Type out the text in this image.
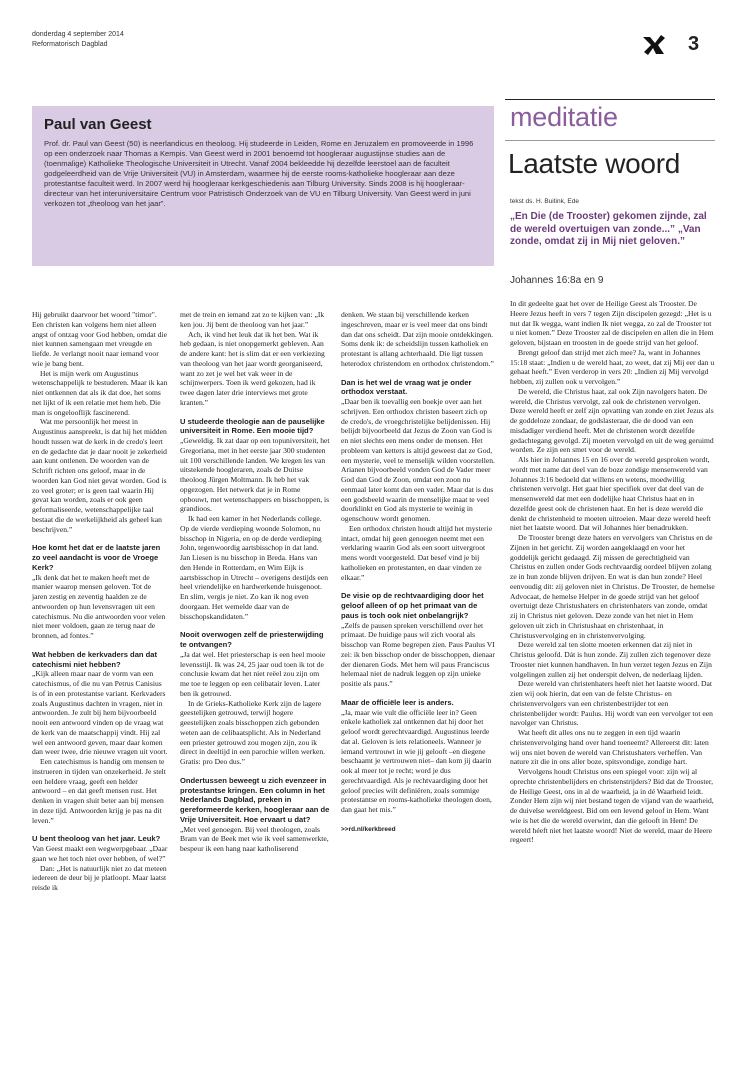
donderdag 4 september 2014
Reformatorisch Dagblad	3
Paul van Geest
Prof. dr. Paul van Geest (50) is neerlandicus en theoloog. Hij studeerde in Leiden, Rome en Jeruzalem en promoveerde in 1996 op een onderzoek naar Thomas a Kempis. Van Geest werd in 2001 benoemd tot hoogleraar augustijnse studies aan de (toenmalige) Katholieke Theologische Universiteit in Utrecht. Vanaf 2004 bekleedde hij dezelfde leerstoel aan de faculteit godgeleerdheid van de Vrije Universiteit (VU) in Amsterdam, waarmee hij de eerste rooms-katholieke hoogleraar aan deze protestantse faculteit werd. In 2007 werd hij hoogleraar kerkgeschiedenis aan Tilburg University. Sinds 2008 is hij hoogleraar-directeur van het interuniversitaire Centrum voor Patristisch Onderzoek van de VU en Tilburg University. Van Geest werd in juni verkozen tot „theoloog van het jaar”.

Hij gebruikt daarvoor het woord "timor". Een christen kan volgens hem niet alleen angst of ontzag voor God hebben, omdat die niet kunnen samengaan met vreugde en liefde. Je verlangt nooit naar iemand voor wie je bang bent.

Het is mijn werk om Augustinus wetenschappelijk te bestuderen. Maar ik kan niet ontkennen dat als ik dat doe, het soms net lijkt of ik een relatie met hem heb. Die man is ongelooflijk fascinerend.

Wat me persoonlijk het meest in Augustinus aanspreekt, is dat hij het midden houdt tussen wat de kerk in de credo's leert en de gedachte dat je daar nooit je zekerheid aan kunt ontlenen. De woorden van de Schrift richten ons geloof, maar in de woorden kan God niet gevat worden. God is zo veel groter; er is geen taal waarin Hij gevat kan worden, zoals er ook geen geformaliseerde, wetenschappelijke taal bestaat die de werkelijkheid als geheel kan beschrijven.”

Hoe komt het dat er de laatste jaren zo veel aandacht is voor de Vroege Kerk?

„Ik denk dat het te maken heeft met de manier waarop mensen geloven. Tot de jaren zestig en zeventig haalden ze de antwoorden op hun levensvragen uit een catechismus. Nu die antwoorden voor velen niet meer voldoen, gaan ze terug naar de bronnen, ad fontes.”

Wat hebben de kerkvaders dan dat catechismi niet hebben?

„Kijk alleen maar naar de vorm van een catechismus, of die nu van Petrus Canisius is of in een protestantse variant. Kerkvaders zoals Augustinus dachten in vragen, niet in antwoorden. Je zult bij hem bijvoorbeeld nooit een antwoord vinden op de vraag wat de kerk van de maatschappij vindt. Hij zal wel een antwoord geven, maar daar komen dan weer twee, drie nieuwe vragen uit voort.

Een catechismus is handig om mensen te instrueren in tijden van onzekerheid. Je stelt een heldere vraag, geeft een helder antwoord – en dat geeft mensen rust. Het denken in vragen sluit beter aan bij mensen in deze tijd. Antwoorden krijg je pas na dit leven.”

U bent theoloog van het jaar. Leuk?

Van Geest maakt een wegwerpgebaar. „Daar gaan we het toch niet over hebben, of wel?”

Dan: „Het is natuurlijk niet zo dat meteen iedereen de deur bij je platloopt. Maar laatst reisde ik

met de trein en iemand zat zo te kijken van: „Ik ken jou. Jij bent de theoloog van het jaar.”

Ach, ik vind het leuk dat ik het ben. Wat ik heb gedaan, is niet onopgemerkt gebleven. Aan de andere kant: het is slim dat er een verkiezing van theoloog van het jaar wordt georganiseerd, want zo zet je wel het vak weer in de schijnwerpers. Toen ik werd gekozen, had ik twee dagen later drie interviews met grote kranten.”

U studeerde theologie aan de pauselijke universiteit in Rome. Een mooie tijd?

„Geweldig. Ik zat daar op een topuniversiteit, het Gregoriana, met in het eerste jaar 300 studenten uit 100 verschillende landen. We kregen les van uitstekende hoogleraren, zoals de Duitse theoloog Jürgen Moltmann. Ik heb het vak opgezogen. Het netwerk dat je in Rome opbouwt, met wetenschappers en bisschoppen, is grandioos.

Ik had een kamer in het Nederlands college. Op de vierde verdieping woonde Solomon, nu bisschop in Nigeria, en op de derde verdieping John, tegenwoordig aartsbisschop in dat land. Jan Liesen is nu bisschop in Breda. Hans van den Hende in Rotterdam, en Wim Eijk is aartsbisschop in Utrecht – overigens destijds een heel vriendelijke en hardwerkende huisgenoot. En slim, vergis je niet. Zo kan ik nog even doorgaan. Het wemelde daar van de bisschopskandidaten.”

Nooit overwogen zelf de priesterwijding te ontvangen?

„Ja dat wel. Het priesterschap is een heel mooie levensstijl. Ik was 24, 25 jaar oud toen ik tot de conclusie kwam dat het niet reëel zou zijn om me toe te leggen op een celibatair leven. Later ben ik getrouwd.

In de Grieks-Katholieke Kerk zijn de lagere geestelijken getrouwd, terwijl hogere geestelijken zoals bisschoppen zich gebonden weten aan de celibaatsplicht. Als in Nederland een priester getrouwd zou mogen zijn, zou ik direct in deeltijd in een parochie willen werken. Gratis: pro Deo dus.”

Ondertussen beweegt u zich evenzeer in protestantse kringen. Een column in het Nederlands Dagblad, preken in gereformeerde kerken, hoogleraar aan de Vrije Universiteit. Hoe ervaart u dat?

„Met veel genoegen. Bij veel theologen, zoals Bram van de Beek met wie ik veel samenwerkte, bespeur ik een hang naar katholiserend

denken. We staan bij verschillende kerken ingeschreven, maar er is veel meer dat ons bindt dan dat ons scheidt. Dat zijn mooie ontdekkingen. Soms denk ik: de scheidslijn tussen katholiek en protestant is allang achterhaald. Die ligt tussen heterodox christendom en orthodox christendom.”

Dan is het wel de vraag wat je onder orthodox verstaat.

„Daar ben ik toevallig een boekje over aan het schrijven. Een orthodox christen baseert zich op de credo's, de vroegchristelijke belijdenissen. Hij belijdt bijvoorbeeld dat Jezus de Zoon van God is en niet slechts een mens onder de mensen. Het probleem van ketters is altijd geweest dat ze God, een mysterie, veel te menselijk wilden voorstellen. Arianen bijvoorbeeld vonden God de Vader meer God dan God de Zoon, omdat een zoon nu eenmaal later komt dan een vader. Maar dat is dus een godsbeeld waarin de menselijke maat te veel doorklinkt en God als mysterie te weinig in ogenschouw wordt genomen.

Een orthodox christen houdt altijd het mysterie intact, omdat hij geen genoegen neemt met een verklaring waarin God als een soort uitvergroot mens wordt voorgesteld. Dat besef vind je bij katholieken en protestanten, en daar vinden ze elkaar.”

De visie op de rechtvaardiging door het geloof alleen of op het primaat van de paus is toch ook niet onbelangrijk?

„Zelfs de pausen spreken verschillend over het primaat. De huidige paus wil zich vooral als bisschop van Rome begrepen zien. Paus Paulus VI zei: ik ben bisschop onder de bisschoppen, dienaar der dienaren Gods. Met hem wil paus Franciscus helemaal niet de nadruk leggen op zijn unieke positie als paus.”

Maar de officiële leer is anders.

„Ja, maar wie vult die officiële leer in? Geen enkele katholiek zal ontkennen dat hij door het geloof wordt gerechtvaardigd. Augustinus leerde dat al. Geloven is iets relationeels. Wanneer je iemand vertrouwt in wie jij gelooft –en diegene beschaamt je vertrouwen niet– dan kom jij daarin ook al meer tot je recht; word je dus gerechtvaardigd. Als je rechtvaardiging door het geloof precies wilt definiëren, zoals sommige protestantse en rooms-katholieke theologen doen, dan gaat het mis.”

>>rd.nl/kerkbreed
meditatie
Laatste woord
tekst ds. H. Buitink, Ede
„En Die (de Trooster) gekomen zijnde, zal de wereld overtuigen van zonde...” „Van zonde, omdat zij in Mij niet geloven.”
Johannes 16:8a en 9

In dit gedeelte gaat het over de Heilige Geest als Trooster. De Heere Jezus heeft in vers 7 tegen Zijn discipelen gezegd: „Het is u nut dat Ik wegga, want indien Ik niet wegga, zo zal de Trooster tot u niet komen.” Deze Trooster zal de discipelen en allen die in Hem geloven, bijstaan en troosten in de goede strijd van het geloof.

Brengt geloof dan strijd met zich mee? Ja, want in Johannes 15:18 staat: „Indien u de wereld haat, zo weet, dat zij Mij eer dan u gehaat heeft.” Even verderop in vers 20: „Indien zij Mij vervolgd hebben, zij zullen ook u vervolgen.”

De wereld, die Christus haat, zal ook Zijn navolgers haten. De wereld, die Christus vervolgt, zal ook de christenen vervolgen. Deze wereld heeft er zelf zijn opvatting van zonde en ziet Jezus als de goddeloze zondaar, de godslasteraar, die de dood van een misdadiger verdiend heeft. Met de christenen wordt dezelfde gedachtegang gevolgd. Zij moeten vervolgd en uit de weg geruimd worden. Ze zijn een smet voor de wereld.

Als hier in Johannes 15 en 16 over de wereld gesproken wordt, wordt met name dat deel van de boze zondige mensenwereld van Johannes 3:16 bedoeld dat willens en wetens, moedwillig christenen vervolgt. Het gaat hier specifiek over dat deel van de mensenwereld dat met een dodelijke haat Christus haat en in dezelfde geest ook de christenen haat. En het is deze wereld die denkt de christenheid te moeten uitroeien. Maar deze wereld heeft niet het laatste woord. Dat wil Johannes hier benadrukken.

De Trooster brengt deze haters en vervolgers van Christus en de Zijnen in het gericht. Zij worden aangeklaagd en voor het goddelijk gericht gedaagd. Zij missen de gerechtigheid van Christus en zullen onder Gods rechtvaardig oordeel blijven zolang ze in hun zonde blijven drijven. En wat is dan hun zonde? Heel eenvoudig dit: zij geloven niet in Christus. De Trooster, de hemelse Advocaat, de hemelse Helper in de goede strijd van het geloof overtuigt deze Christushaters en christenhaters van zonde, omdat zij in Christus niet geloven. Deze zonde van het niet in Hem geloven uit zich in Christushaat en christenhaat, in Christusvervolging en in christenvervolging.

Deze wereld zal ten slotte moeten erkennen dat zij niet in Christus geloofd. Dát is hun zonde. Zij zullen zich tegenover deze Trooster niet kunnen handhaven. In hun verzet tegen Jezus en Zijn volgelingen zullen zij het onderspit delven, de nederlaag lijden.

Deze wereld van christenhaters heeft niet het laatste woord. Dat zien wij ook hierin, dat een van de felste Christus- en christenvervolgers van een christenbestrijder tot een christenbelijder wordt: Paulus. Hij wordt van een vervolger tot een navolger van Christus.

Wat heeft dit alles ons nu te zeggen in een tijd waarin christenvervolging hand over hand toeneemt? Allereerst dit: laten wij ons niet boven de wereld van Christushaters verheffen. Van nature zit die in ons aller boze, spitsvondige, zondige hart.

Vervolgens houdt Christus ons een spiegel voor: zijn wij al oprechte christenbelijders en christenstrijders? Bid dat de Trooster, de Heilige Geest, ons in al de waarheid, ja in dé Waarheid leidt. Zonder Hem zijn wij niet bestand tegen de vijand van de waarheid, de duivelse wereldgeest. Bid om een levend geloof in Hem. Want wie is het die de wereld overwint, dan die gelooft in Hem! De wereld héeft niet het laatste woord! Niet de wereld, maar de Heere regeert!
